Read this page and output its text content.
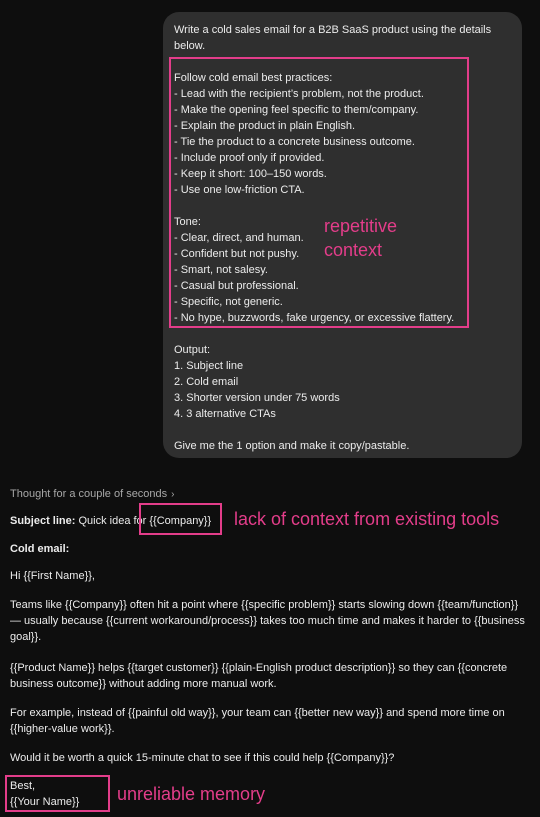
Write a cold sales email for a B2B SaaS product using the details
below.
Follow cold email best practices:
- Lead with the recipient’s problem, not the product.
- Make the opening feel specific to them/company.
- Explain the product in plain English.
- Tie the product to a concrete business outcome.
- Include proof only if provided.
- Keep it short: 100–150 words.
- Use one low-friction CTA.
Tone:
- Clear, direct, and human.
- Confident but not pushy.
- Smart, not salesy.
- Casual but professional.
- Specific, not generic.
- No hype, buzzwords, fake urgency, or excessive flattery.
Output:
1. Subject line
2. Cold email
3. Shorter version under 75 words
4. 3 alternative CTAs
Give me the 1 option and make it copy/pastable.
repetitive
context
Thought for a couple of seconds ›
Subject line: Quick idea for {{Company}}	lack of context from existing tools
Cold email:
Hi {{First Name}},
Teams like {{Company}} often hit a point where {{specific problem}} starts slowing down {{team/function}} — usually because {{current workaround/process}} takes too much time and makes it harder to {{business goal}}.
{{Product Name}} helps {{target customer}} {{plain-English product description}} so they can {{concrete business outcome}} without adding more manual work.
For example, instead of {{painful old way}}, your team can {{better new way}} and spend more time on {{higher-value work}}.
Would it be worth a quick 15-minute chat to see if this could help {{Company}}?
Best,
{{Your Name}}	unreliable memory
